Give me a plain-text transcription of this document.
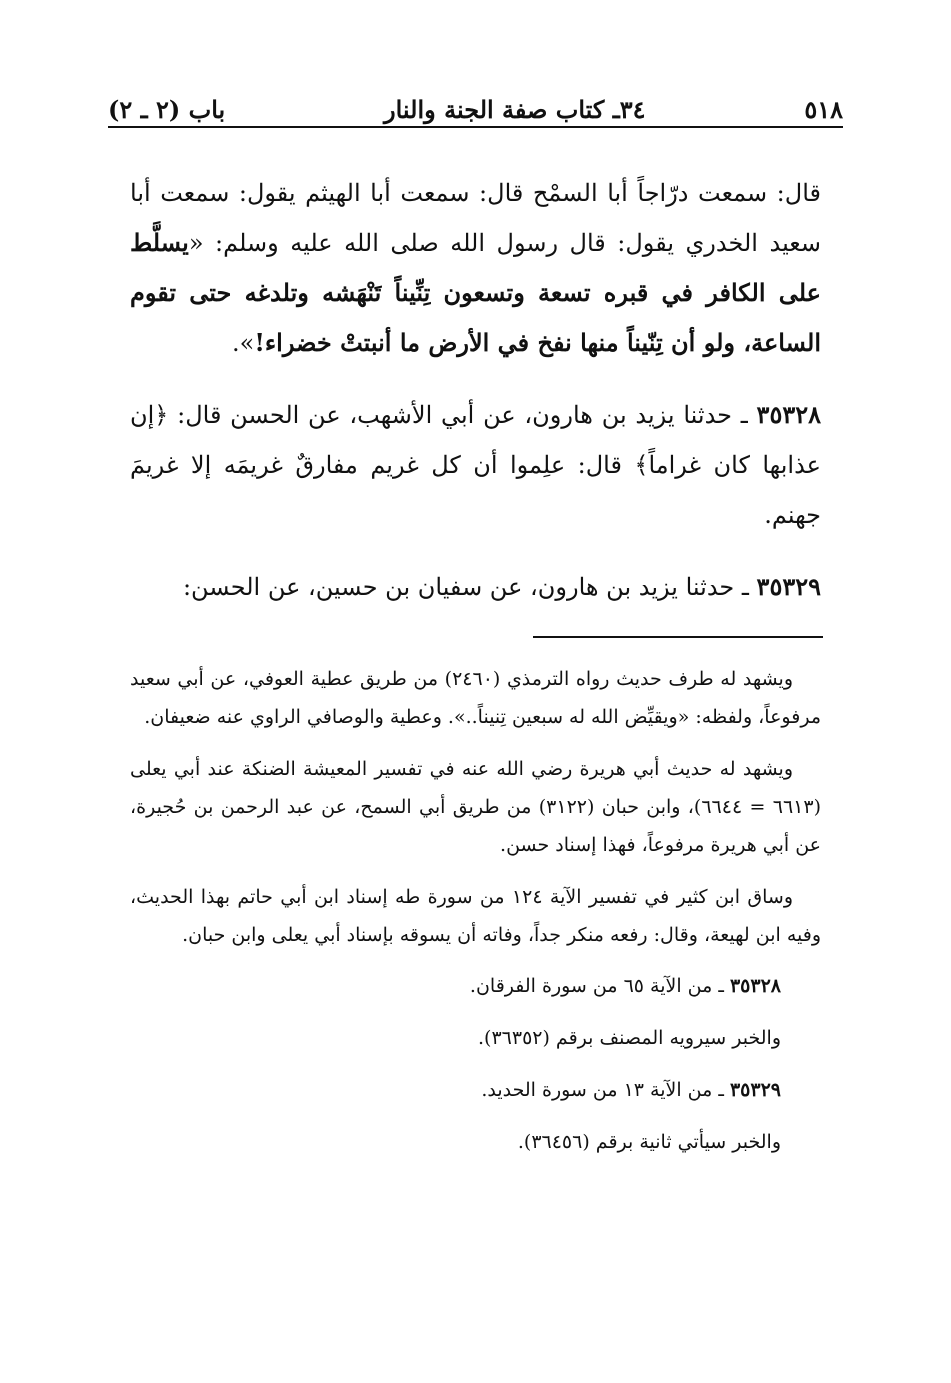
٥١٨
٣٤ـ كتاب صفة الجنة والنار
باب (٢ ـ ٢)

قال: سمعت درّاجاً أبا السمْح قال: سمعت أبا الهيثم يقول: سمعت أبا سعيد الخدري يقول: قال رسول الله صلى الله عليه وسلم: «يسلَّط على الكافر في قبره تسعة وتسعون تِنِّيناً تَنْهَشه وتلدغه حتى تقوم الساعة، ولو أن تِنّيناً منها نفخ في الأرض ما أنبتتْ خضراء!».

٣٥٣٢٨ ـ حدثنا يزيد بن هارون، عن أبي الأشهب، عن الحسن قال: ﴿إن عذابها كان غراماً﴾ قال: علِموا أن كل غريم مفارقٌ غريمَه إلا غريمَ جهنم.

٣٥٣٢٩ ـ حدثنا يزيد بن هارون، عن سفيان بن حسين، عن الحسن:

ويشهد له طرف حديث رواه الترمذي (٢٤٦٠) من طريق عطية العوفي، عن أبي سعيد مرفوعاً، ولفظه: «ويقيِّض الله له سبعين تِنيناً..». وعطية والوصافي الراوي عنه ضعيفان.

ويشهد له حديث أبي هريرة رضي الله عنه في تفسير المعيشة الضنكة عند أبي يعلى (٦٦١٣ = ٦٦٤٤)، وابن حبان (٣١٢٢) من طريق أبي السمح، عن عبد الرحمن بن حُجيرة، عن أبي هريرة مرفوعاً، فهذا إسناد حسن.

وساق ابن كثير في تفسير الآية ١٢٤ من سورة طه إسناد ابن أبي حاتم بهذا الحديث، وفيه ابن لهيعة، وقال: رفعه منكر جداً، وفاته أن يسوقه بإسناد أبي يعلى وابن حبان.

٣٥٣٢٨ ـ من الآية ٦٥ من سورة الفرقان.

والخبر سيرويه المصنف برقم (٣٦٣٥٢).

٣٥٣٢٩ ـ من الآية ١٣ من سورة الحديد.

والخبر سيأتي ثانية برقم (٣٦٤٥٦).
